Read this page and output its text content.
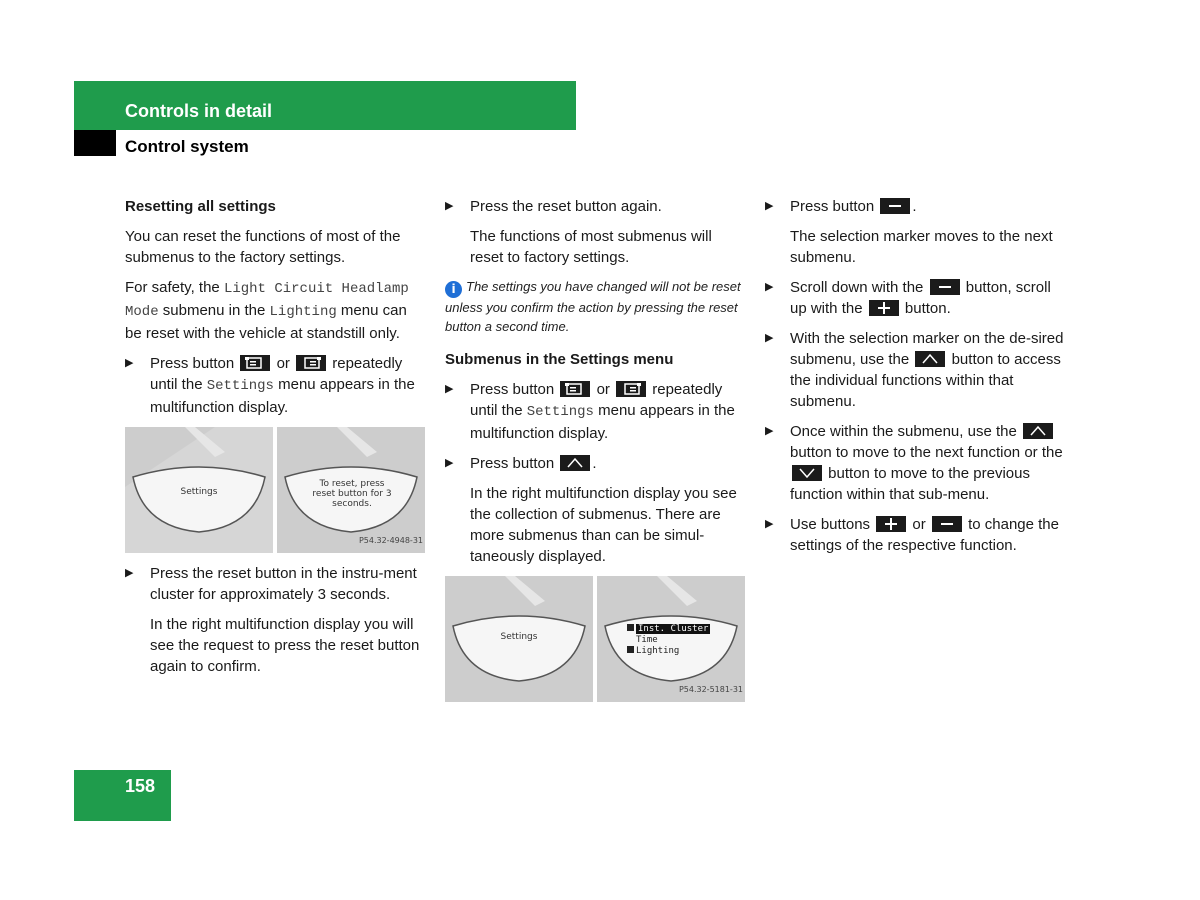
Controls in detail
Control system
Resetting all settings

You can reset the functions of most of the submenus to the factory settings.

For safety, the Light Circuit Headlamp Mode submenu in the Lighting menu can be reset with the vehicle at standstill only.

▶ Press button	or	repeatedly until the Settings menu appears in the multifunction display.
Settings
To reset, press reset button for 3 seconds.
P54.32-4948-31
▶ Press the reset button in the instru-ment cluster for approximately 3 seconds.

In the right multifunction display you will see the request to press the reset button again to confirm.

▶ Press the reset button again.

The functions of most submenus will reset to factory settings.

i The settings you have changed will not be reset unless you confirm the action by pressing the reset button a second time.

Submenus in the Settings menu
▶ Press button	or	repeatedly until the Settings menu appears in the multifunction display.
▶ Press button	.

In the right multifunction display you see the collection of submenus. There are more submenus than can be simul-taneously displayed.

Settings
Inst. Cluster
Time
Lighting
P54.32-5181-31
▶ Press button	.

The selection marker moves to the next submenu.

▶ Scroll down with the	button, scroll up with the	button.
▶ With the selection marker on the de-sired submenu, use the	button to access the individual functions within that submenu.
▶ Once within the submenu, use the
button to move to the next function or the
button to move to the previous function within that sub-menu.
▶ Use buttons	or	to change the settings of the respective function.
158
